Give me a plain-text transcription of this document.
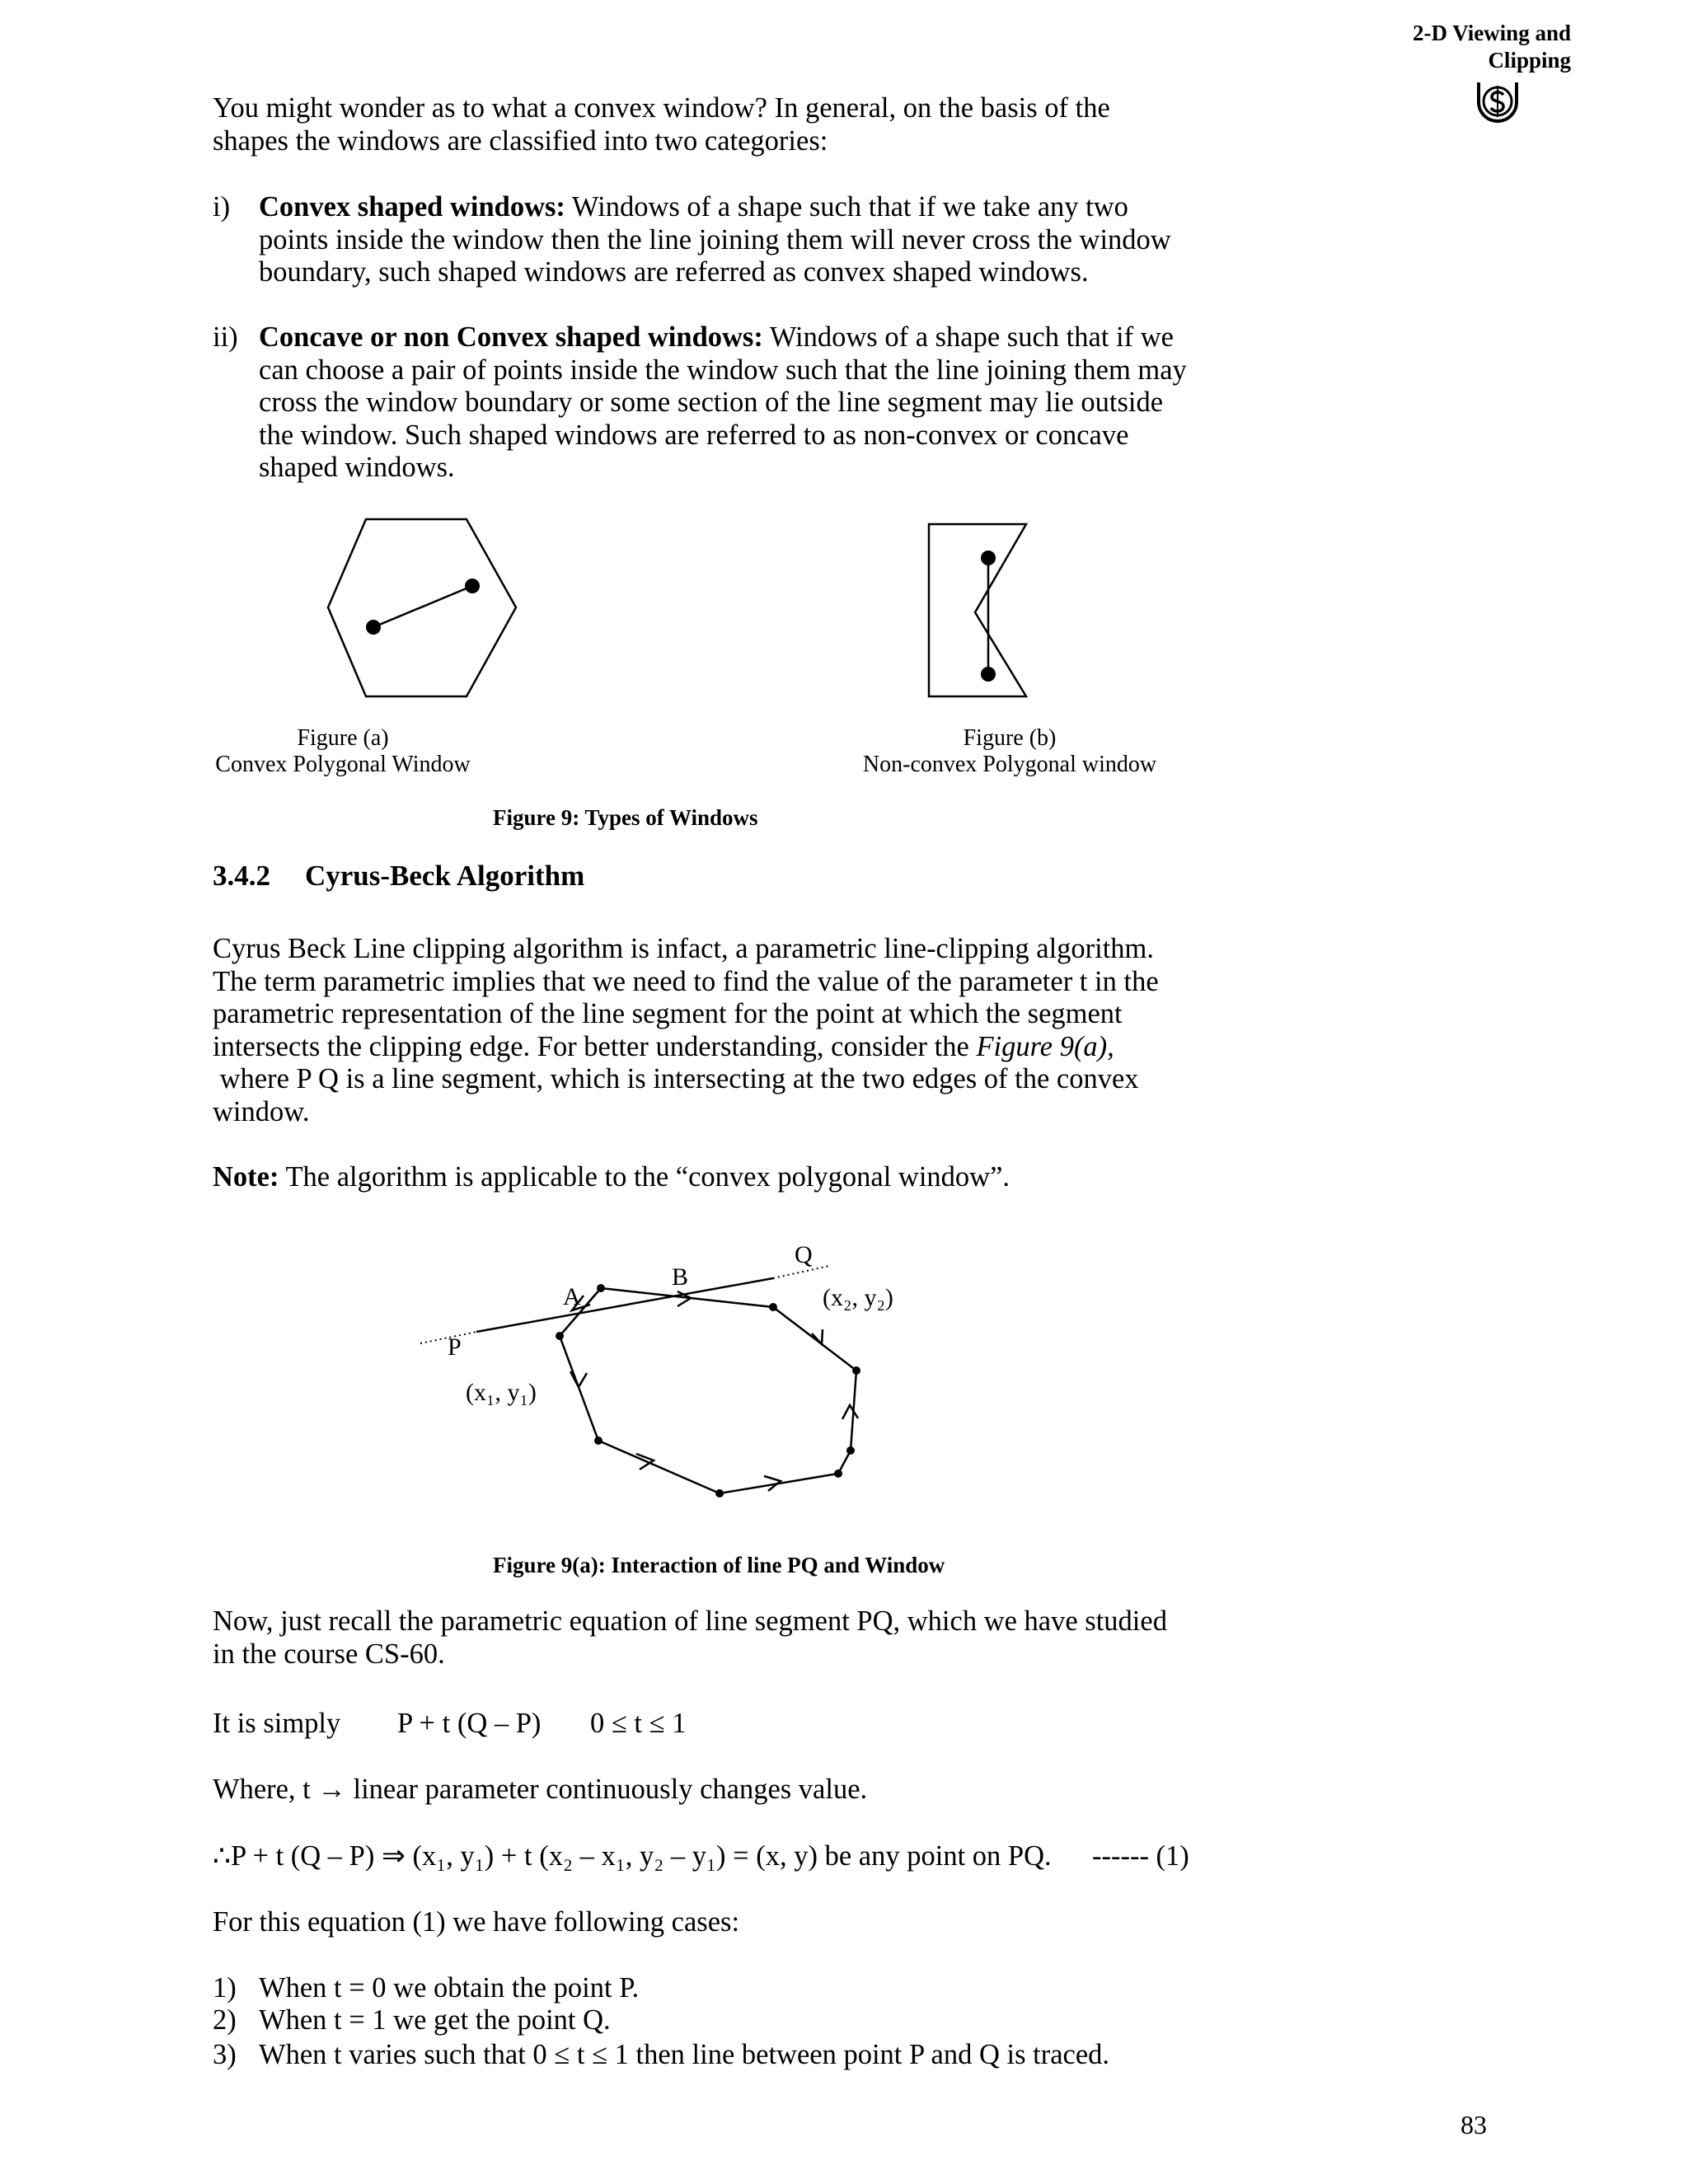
2-D Viewing and
Clipping
You might wonder as to what a convex window? In general, on the basis of the
shapes the windows are classified into two categories:
i) Convex shaped windows: Windows of a shape such that if we take any two
points inside the window then the line joining them will never cross the window
boundary, such shaped windows are referred as convex shaped windows.
ii) Concave or non Convex shaped windows: Windows of a shape such that if we
can choose a pair of points inside the window such that the line joining them may
cross the window boundary or some section of the line segment may lie outside
the window. Such shaped windows are referred to as non-convex or concave
shaped windows.
Figure (a)
Convex Polygonal Window
Figure (b)
Non-convex Polygonal window
Figure 9: Types of Windows
3.4.2 Cyrus-Beck Algorithm
Cyrus Beck Line clipping algorithm is infact, a parametric line-clipping algorithm.
The term parametric implies that we need to find the value of the parameter t in the
parametric representation of the line segment for the point at which the segment
intersects the clipping edge. For better understanding, consider the Figure 9(a),
where P Q is a line segment, which is intersecting at the two edges of the convex
window.
Note: The algorithm is applicable to the “convex polygonal window”.
P
Q
A
B
(x₁, y₁)
(x₂, y₂)
Figure 9(a): Interaction of line PQ and Window
Now, just recall the parametric equation of line segment PQ, which we have studied
in the course CS-60.
It is simply P + t (Q – P) 0 ≤ t ≤ 1
Where, t → linear parameter continuously changes value.
∴P + t (Q – P) ⇒ (x₁, y₁) + t (x₂ – x₁, y₂ – y₁) = (x, y) be any point on PQ. ------ (1)
For this equation (1) we have following cases:
1) When t = 0 we obtain the point P.
2) When t = 1 we get the point Q.
3) When t varies such that 0 ≤ t ≤ 1 then line between point P and Q is traced.
83
